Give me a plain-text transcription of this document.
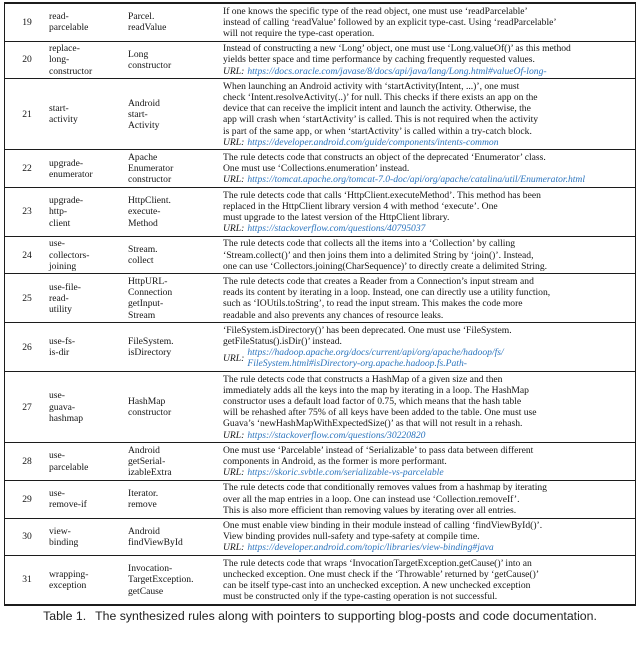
19
read-
parcelable
Parcel.
readValue
If one knows the specific type of the read object, one must use ‘readParcelable’
instead of calling ‘readValue’ followed by an explicit type-cast. Using ‘readParcelable’
will not require the type-cast operation.
20
replace-
long-
constructor
Long
constructor
Instead of constructing a new ‘Long’ object, one must use ‘Long.valueOf()’ as this method
yields better space and time performance by caching frequently requested values.
URL: https://docs.oracle.com/javase/8/docs/api/java/lang/Long.html#valueOf-long-
21
start-
activity
Android
start-
Activity
When launching an Android activity with ‘startActivity(Intent, ...)’, one must
check ‘Intent.resolveActivity(..)’ for null. This checks if there exists an app on the
device that can receive the implicit intent and launch the activity. Otherwise, the
app will crash when ‘startActivity’ is called. This is not required when the activity
is part of the same app, or when ‘startActivity’ is called within a try-catch block.
URL: https://developer.android.com/guide/components/intents-common
22
upgrade-
enumerator
Apache
Enumerator
constructor
The rule detects code that constructs an object of the deprecated ‘Enumerator’ class.
One must use ‘Collections.enumeration’ instead.
URL: https://tomcat.apache.org/tomcat-7.0-doc/api/org/apache/catalina/util/Enumerator.html
23
upgrade-
http-
client
HttpClient.
execute-
Method
The rule detects code that calls ‘HttpClient.executeMethod’. This method has been
replaced in the HttpClient library version 4 with method ‘execute’. One
must upgrade to the latest version of the HttpClient library.
URL: https://stackoverflow.com/questions/40795037
24
use-
collectors-
joining
Stream.
collect
The rule detects code that collects all the items into a ‘Collection’ by calling
‘Stream.collect()’ and then joins them into a delimited String by ‘join()’. Instead,
one can use ‘Collectors.joining(CharSequence)’ to directly create a delimited String.
25
use-file-
read-
utility
HttpURL-
Connection
getInput-
Stream
The rule detects code that creates a Reader from a Connection’s input stream and
reads its content by iterating in a loop. Instead, one can directly use a utility function,
such as ‘IOUtils.toString’, to read the input stream. This makes the code more
readable and also prevents any chances of resource leaks.
26
use-fs-
is-dir
FileSystem.
isDirectory
‘FileSystem.isDirectory()’ has been deprecated. One must use ‘FileSystem.
getFileStatus().isDir()’ instead.
URL:
https://hadoop.apache.org/docs/current/api/org/apache/hadoop/fs/
FileSystem.html#isDirectory-org.apache.hadoop.fs.Path-
27
use-
guava-
hashmap
HashMap
constructor
The rule detects code that constructs a HashMap of a given size and then
immediately adds all the keys into the map by iterating in a loop. The HashMap
constructor uses a default load factor of 0.75, which means that the hash table
will be rehashed after 75% of all keys have been added to the table. One must use
Guava’s ‘newHashMapWithExpectedSize()’ as that will not result in a rehash.
URL: https://stackoverflow.com/questions/30220820
28
use-
parcelable
Android
getSerial-
izableExtra
One must use ‘Parcelable’ instead of ‘Serializable’ to pass data between different
components in Android, as the former is more performant.
URL: https://skoric.svbtle.com/serializable-vs-parcelable
29
use-
remove-if
Iterator.
remove
The rule detects code that conditionally removes values from a hashmap by iterating
over all the map entries in a loop. One can instead use ‘Collection.removeIf’.
This is also more efficient than removing values by iterating over all entries.
30
view-
binding
Android
findViewById
One must enable view binding in their module instead of calling ‘findViewById()’.
View binding provides null-safety and type-safety at compile time.
URL: https://developer.android.com/topic/libraries/view-binding#java
31
wrapping-
exception
Invocation-
TargetException.
getCause
The rule detects code that wraps ‘InvocationTargetException.getCause()’ into an
unchecked exception. One must check if the ‘Throwable’ returned by ‘getCause()’
can be itself type-cast into an unchecked exception. A new unchecked exception
must be constructed only if the type-casting operation is not successful.
Table 1. The synthesized rules along with pointers to supporting blog-posts and code documentation.
